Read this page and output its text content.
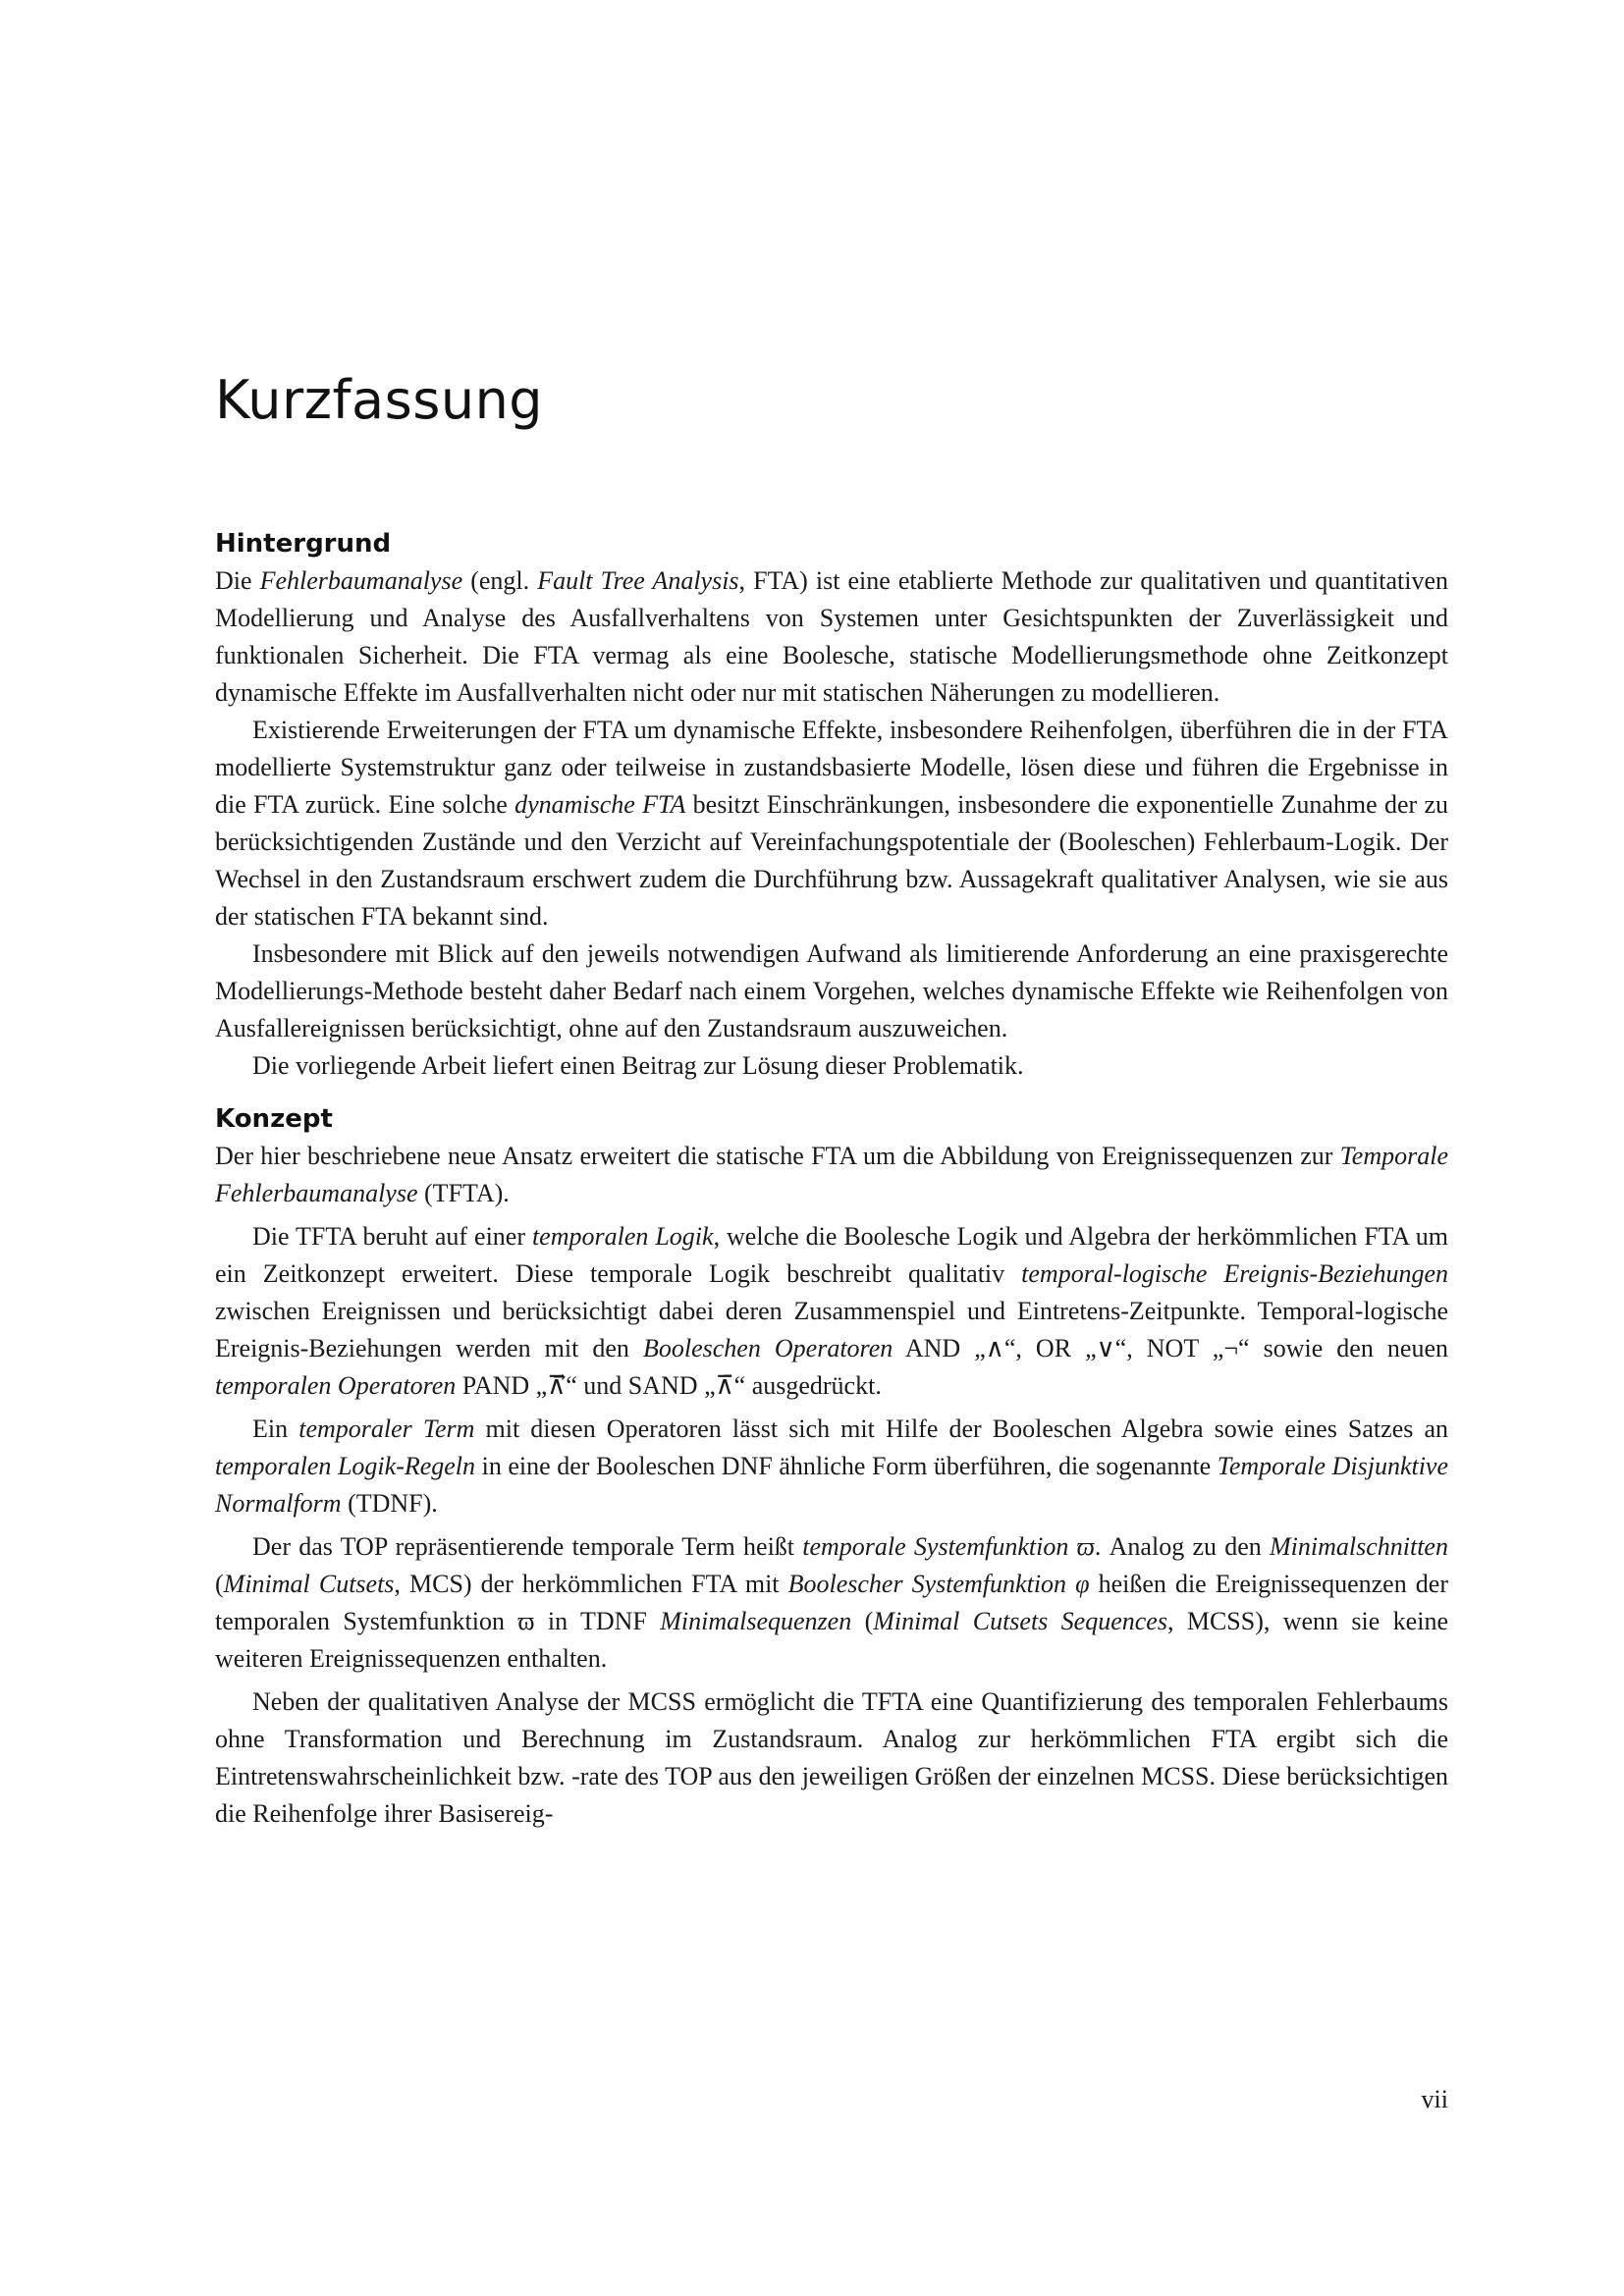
Kurzfassung
Hintergrund

Die Fehlerbaumanalyse (engl. Fault Tree Analysis, FTA) ist eine etablierte Methode zur qualitativen und quantitativen Modellierung und Analyse des Ausfallverhaltens von Systemen unter Gesichtspunkten der Zuverlässigkeit und funktionalen Sicherheit. Die FTA vermag als eine Boolesche, statische Modellierungsmethode ohne Zeitkonzept dynamische Effekte im Ausfallverhalten nicht oder nur mit statischen Näherungen zu modellieren.

Existierende Erweiterungen der FTA um dynamische Effekte, insbesondere Reihenfolgen, überführen die in der FTA modellierte Systemstruktur ganz oder teilweise in zustandsbasierte Modelle, lösen diese und führen die Ergebnisse in die FTA zurück. Eine solche dynamische FTA besitzt Einschränkungen, insbesondere die exponentielle Zunahme der zu berücksichtigenden Zustände und den Verzicht auf Vereinfachungspotentiale der (Booleschen) Fehlerbaum-Logik. Der Wechsel in den Zustandsraum erschwert zudem die Durchführung bzw. Aussagekraft qualitativer Analysen, wie sie aus der statischen FTA bekannt sind.

Insbesondere mit Blick auf den jeweils notwendigen Aufwand als limitierende Anforderung an eine praxisgerechte Modellierungs-Methode besteht daher Bedarf nach einem Vorgehen, welches dynamische Effekte wie Reihenfolgen von Ausfallereignissen berücksichtigt, ohne auf den Zustandsraum auszuweichen.

Die vorliegende Arbeit liefert einen Beitrag zur Lösung dieser Problematik.

Konzept

Der hier beschriebene neue Ansatz erweitert die statische FTA um die Abbildung von Ereignissequenzen zur Temporale Fehlerbaumanalyse (TFTA).

Die TFTA beruht auf einer temporalen Logik, welche die Boolesche Logik und Algebra der herkömmlichen FTA um ein Zeitkonzept erweitert. Diese temporale Logik beschreibt qualitativ temporal-logische Ereignis-Beziehungen zwischen Ereignissen und berücksichtigt dabei deren Zusammenspiel und Eintretens-Zeitpunkte. Temporal-logische Ereignis-Beziehungen werden mit den Booleschen Operatoren AND „∧“, OR „∨“, NOT „¬“ sowie den neuen temporalen Operatoren PAND „⊼⃗“ und SAND „⊼̄“ ausgedrückt.

Ein temporaler Term mit diesen Operatoren lässt sich mit Hilfe der Booleschen Algebra sowie eines Satzes an temporalen Logik-Regeln in eine der Booleschen DNF ähnliche Form überführen, die sogenannte Temporale Disjunktive Normalform (TDNF).

Der das TOP repräsentierende temporale Term heißt temporale Systemfunktion ϖ. Analog zu den Minimalschnitten (Minimal Cutsets, MCS) der herkömmlichen FTA mit Boolescher Systemfunktion φ heißen die Ereignissequenzen der temporalen Systemfunktion ϖ in TDNF Minimalsequenzen (Minimal Cutsets Sequences, MCSS), wenn sie keine weiteren Ereignissequenzen enthalten.

Neben der qualitativen Analyse der MCSS ermöglicht die TFTA eine Quantifizierung des temporalen Fehlerbaums ohne Transformation und Berechnung im Zustandsraum. Analog zur herkömmlichen FTA ergibt sich die Eintretenswahrscheinlichkeit bzw. -rate des TOP aus den jeweiligen Größen der einzelnen MCSS. Diese berücksichtigen die Reihenfolge ihrer Basisereig-

vii
